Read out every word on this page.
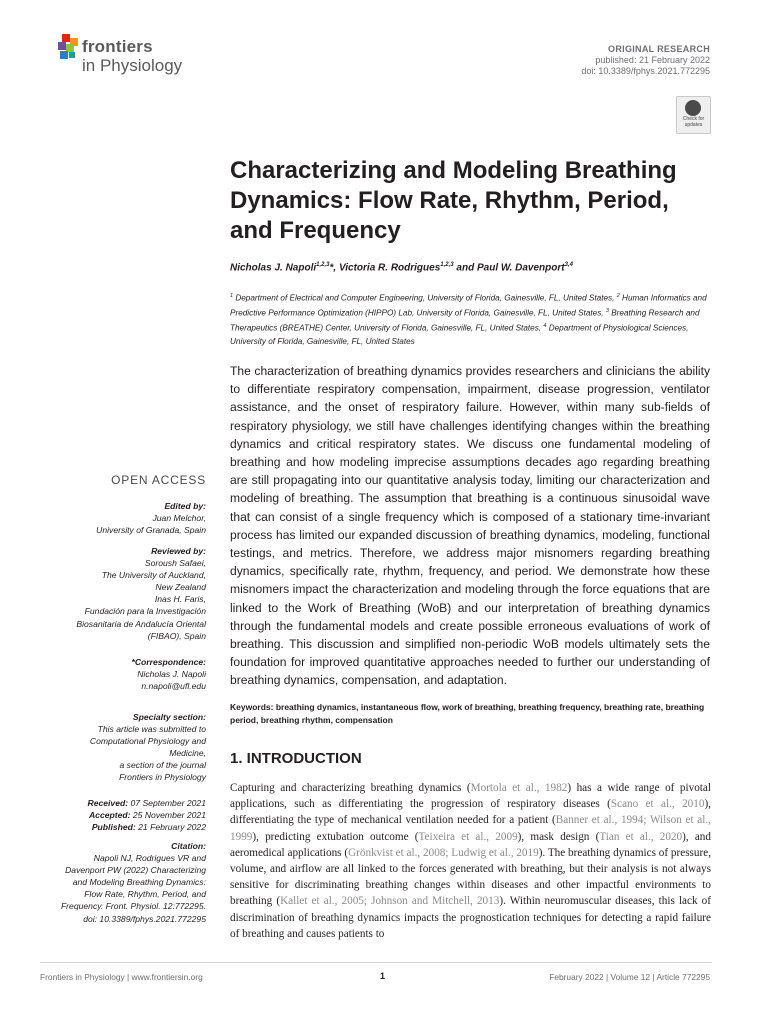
frontiers
in Physiology
ORIGINAL RESEARCH
published: 21 February 2022
doi: 10.3389/fphys.2021.772295
Check for
updates
Characterizing and Modeling Breathing Dynamics: Flow Rate, Rhythm, Period, and Frequency
Nicholas J. Napoli$^{1,2,3}$*, Victoria R. Rodrigues$^{1,2,3}$ and Paul W. Davenport$^{3,4}$
$^1$ Department of Electrical and Computer Engineering, University of Florida, Gainesville, FL, United States, $^2$ Human Informatics and Predictive Performance Optimization (HIPPO) Lab, University of Florida, Gainesville, FL, United States, $^3$ Breathing Research and Therapeutics (BREATHE) Center, University of Florida, Gainesville, FL, United States, $^4$ Department of Physiological Sciences, University of Florida, Gainesville, FL, United States
The characterization of breathing dynamics provides researchers and clinicians the ability to differentiate respiratory compensation, impairment, disease progression, ventilator assistance, and the onset of respiratory failure. However, within many sub-fields of respiratory physiology, we still have challenges identifying changes within the breathing dynamics and critical respiratory states. We discuss one fundamental modeling of breathing and how modeling imprecise assumptions decades ago regarding breathing are still propagating into our quantitative analysis today, limiting our characterization and modeling of breathing. The assumption that breathing is a continuous sinusoidal wave that can consist of a single frequency which is composed of a stationary time-invariant process has limited our expanded discussion of breathing dynamics, modeling, functional testings, and metrics. Therefore, we address major misnomers regarding breathing dynamics, specifically rate, rhythm, frequency, and period. We demonstrate how these misnomers impact the characterization and modeling through the force equations that are linked to the Work of Breathing (WoB) and our interpretation of breathing dynamics through the fundamental models and create possible erroneous evaluations of work of breathing. This discussion and simplified non-periodic WoB models ultimately sets the foundation for improved quantitative approaches needed to further our understanding of breathing dynamics, compensation, and adaptation.
Keywords: breathing dynamics, instantaneous flow, work of breathing, breathing frequency, breathing rate, breathing period, breathing rhythm, compensation
1. INTRODUCTION
Capturing and characterizing breathing dynamics (Mortola et al., 1982) has a wide range of pivotal applications, such as differentiating the progression of respiratory diseases (Scano et al., 2010), differentiating the type of mechanical ventilation needed for a patient (Banner et al., 1994; Wilson et al., 1999), predicting extubation outcome (Teixeira et al., 2009), mask design (Tian et al., 2020), and aeromedical applications (Grönkvist et al., 2008; Ludwig et al., 2019). The breathing dynamics of pressure, volume, and airflow are all linked to the forces generated with breathing, but their analysis is not always sensitive for discriminating breathing changes within diseases and other impactful environments to breathing (Kallet et al., 2005; Johnson and Mitchell, 2013). Within neuromuscular diseases, this lack of discrimination of breathing dynamics impacts the prognostication techniques for detecting a rapid failure of breathing and causes patients to
OPEN ACCESS
Edited by:
Juan Melchor,
University of Granada, Spain
Reviewed by:
Soroush Safaei,
The University of Auckland,
New Zealand
Inas H. Faris,
Fundación para la Investigación
Biosanitaria de Andalucía Oriental
(FIBAO), Spain
*Correspondence:
Nicholas J. Napoli
n.napoli@ufl.edu
Specialty section:
This article was submitted to
Computational Physiology and
Medicine,
a section of the journal
Frontiers in Physiology
Received: 07 September 2021
Accepted: 25 November 2021
Published: 21 February 2022
Citation:
Napoli NJ, Rodrigues VR and
Davenport PW (2022) Characterizing
and Modeling Breathing Dynamics:
Flow Rate, Rhythm, Period, and
Frequency. Front. Physiol. 12:772295.
doi: 10.3389/fphys.2021.772295
Frontiers in Physiology | www.frontiersin.org	1	February 2022 | Volume 12 | Article 772295
